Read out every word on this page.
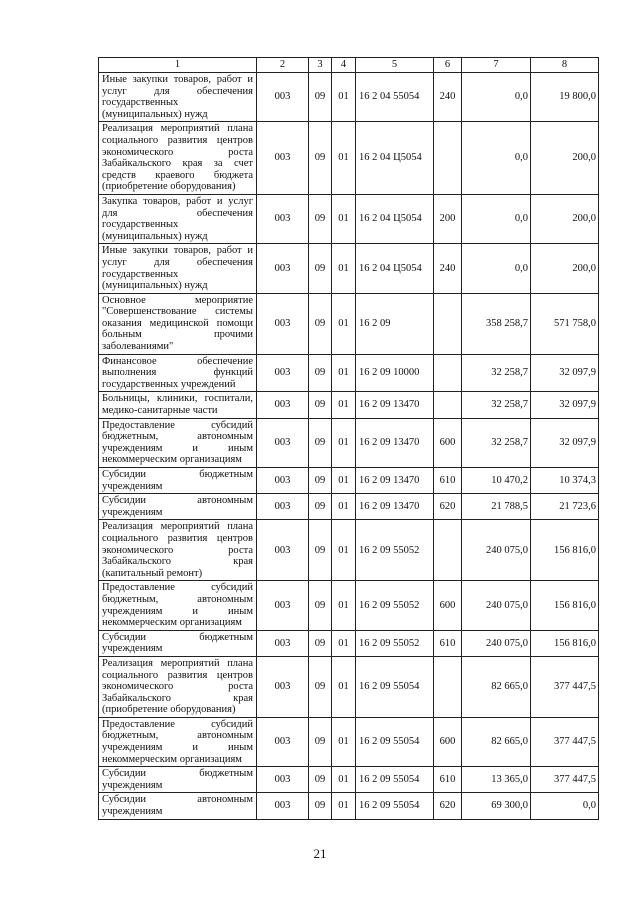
1	2	3	4	5	6	7	8
Иные закупки товаров, работ и услуг для обеспечения государственных (муниципальных) нужд	003	09	01	16 2 04 55054	240	0,0	19 800,0
Реализация мероприятий плана социального развития центров экономического роста Забайкальского края за счет средств краевого бюджета (приобретение оборудования)	003	09	01	16 2 04 Ц5054		0,0	200,0
Закупка товаров, работ и услуг для обеспечения государственных (муниципальных) нужд	003	09	01	16 2 04 Ц5054	200	0,0	200,0
Иные закупки товаров, работ и услуг для обеспечения государственных (муниципальных) нужд	003	09	01	16 2 04 Ц5054	240	0,0	200,0
Основное мероприятие "Совершенствование системы оказания медицинской помощи больным прочими заболеваниями"	003	09	01	16 2 09		358 258,7	571 758,0
Финансовое обеспечение выполнения функций государственных учреждений	003	09	01	16 2 09 10000		32 258,7	32 097,9
Больницы, клиники, госпитали, медико-санитарные части	003	09	01	16 2 09 13470		32 258,7	32 097,9
Предоставление субсидий бюджетным, автономным учреждениям и иным некоммерческим организациям	003	09	01	16 2 09 13470	600	32 258,7	32 097,9
Субсидии бюджетным учреждениям	003	09	01	16 2 09 13470	610	10 470,2	10 374,3
Субсидии автономным учреждениям	003	09	01	16 2 09 13470	620	21 788,5	21 723,6
Реализация мероприятий плана социального развития центров экономического роста Забайкальского края (капитальный ремонт)	003	09	01	16 2 09 55052		240 075,0	156 816,0
Предоставление субсидий бюджетным, автономным учреждениям и иным некоммерческим организациям	003	09	01	16 2 09 55052	600	240 075,0	156 816,0
Субсидии бюджетным учреждениям	003	09	01	16 2 09 55052	610	240 075,0	156 816,0
Реализация мероприятий плана социального развития центров экономического роста Забайкальского края (приобретение оборудования)	003	09	01	16 2 09 55054		82 665,0	377 447,5
Предоставление субсидий бюджетным, автономным учреждениям и иным некоммерческим организациям	003	09	01	16 2 09 55054	600	82 665,0	377 447,5
Субсидии бюджетным учреждениям	003	09	01	16 2 09 55054	610	13 365,0	377 447,5
Субсидии автономным учреждениям	003	09	01	16 2 09 55054	620	69 300,0	0,0
21
